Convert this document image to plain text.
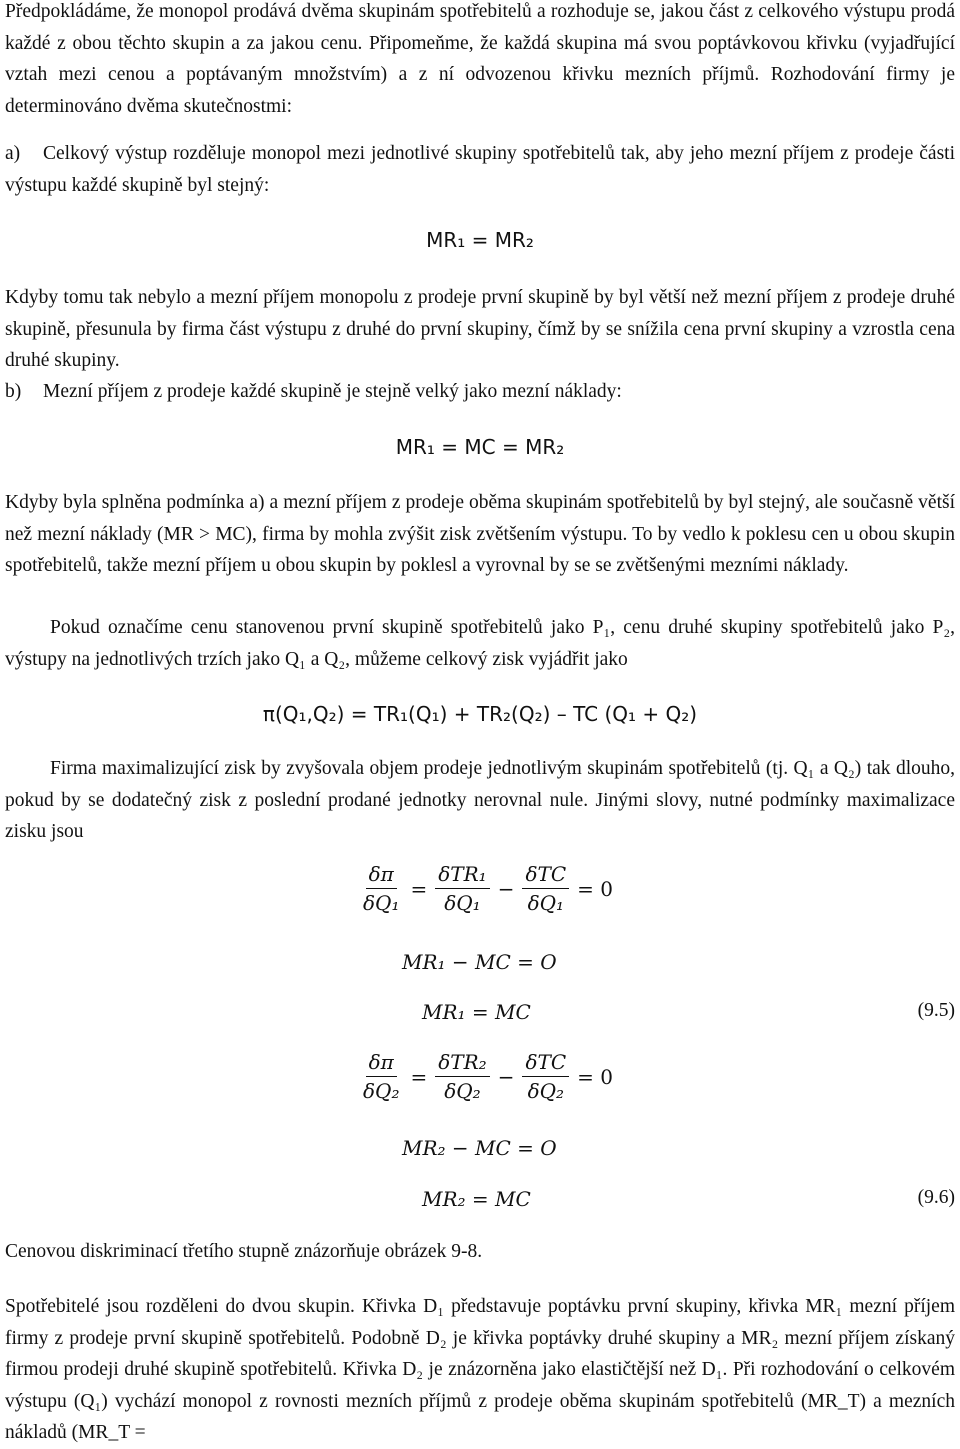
Předpokládáme, že monopol prodává dvěma skupinám spotřebitelů a rozhoduje se, jakou část z celkového výstupu prodá každé z obou těchto skupin a za jakou cenu. Připomeňme, že každá skupina má svou poptávkovou křivku (vyjadřující vztah mezi cenou a poptávaným množstvím) a z ní odvozenou křivku mezních příjmů. Rozhodování firmy je determinováno dvěma skutečnostmi:

a) Celkový výstup rozděluje monopol mezi jednotlivé skupiny spotřebitelů tak, aby jeho mezní příjem z prodeje části výstupu každé skupině byl stejný:

MR₁ = MR₂

Kdyby tomu tak nebylo a mezní příjem monopolu z prodeje první skupině by byl větší než mezní příjem z prodeje druhé skupině, přesunula by firma část výstupu z druhé do první skupiny, čímž by se snížila cena první skupiny a vzrostla cena druhé skupiny.

b) Mezní příjem z prodeje každé skupině je stejně velký jako mezní náklady:

MR₁ = MC = MR₂

Kdyby byla splněna podmínka a) a mezní příjem z prodeje oběma skupinám spotřebitelů by byl stejný, ale současně větší než mezní náklady (MR > MC), firma by mohla zvýšit zisk zvětšením výstupu. To by vedlo k poklesu cen u obou skupin spotřebitelů, takže mezní příjem u obou skupin by poklesl a vyrovnal by se se zvětšenými mezními náklady.

Pokud označíme cenu stanovenou první skupině spotřebitelů jako P₁, cenu druhé skupiny spotřebitelů jako P₂, výstupy na jednotlivých trzích jako Q₁ a Q₂, můžeme celkový zisk vyjádřit jako

π(Q₁,Q₂) = TR₁(Q₁) + TR₂(Q₂) – TC (Q₁ + Q₂)

Firma maximalizující zisk by zvyšovala objem prodeje jednotlivým skupinám spotřebitelů (tj. Q₁ a Q₂) tak dlouho, pokud by se dodatečný zisk z poslední prodané jednotky nerovnal nule. Jinými slovy, nutné podmínky maximalizace zisku jsou

$\frac{\delta\pi}{\text{δQ₁}} = \frac{\text{δTR₁}}{\text{δQ₁}} - \frac{\text{δTC}}{\text{δQ₁}} = 0$
MR₁ − MC = O
MR₁ = MC	(9.5)
$\frac{\delta\pi}{\text{δQ₂}} = \frac{\text{δTR₂}}{\text{δQ₂}} - \frac{\text{δTC}}{\text{δQ₂}} = 0$
MR₂ − MC = O
MR₂ = MC	(9.6)

Cenovou diskriminací třetího stupně znázorňuje obrázek 9-8.

Spotřebitelé jsou rozděleni do dvou skupin. Křivka D₁ představuje poptávku první skupiny, křivka MR₁ mezní příjem firmy z prodeje první skupině spotřebitelů. Podobně D₂ je křivka poptávky druhé skupiny a MR₂ mezní příjem získaný firmou prodeji druhé skupině spotřebitelů. Křivka D₂ je znázorněna jako elastičtější než D₁. Při rozhodování o celkovém výstupu (Q₁) vychází monopol z rovnosti mezních příjmů z prodeje oběma skupinám spotřebitelů (MR_T) a mezních nákladů (MR_T =
